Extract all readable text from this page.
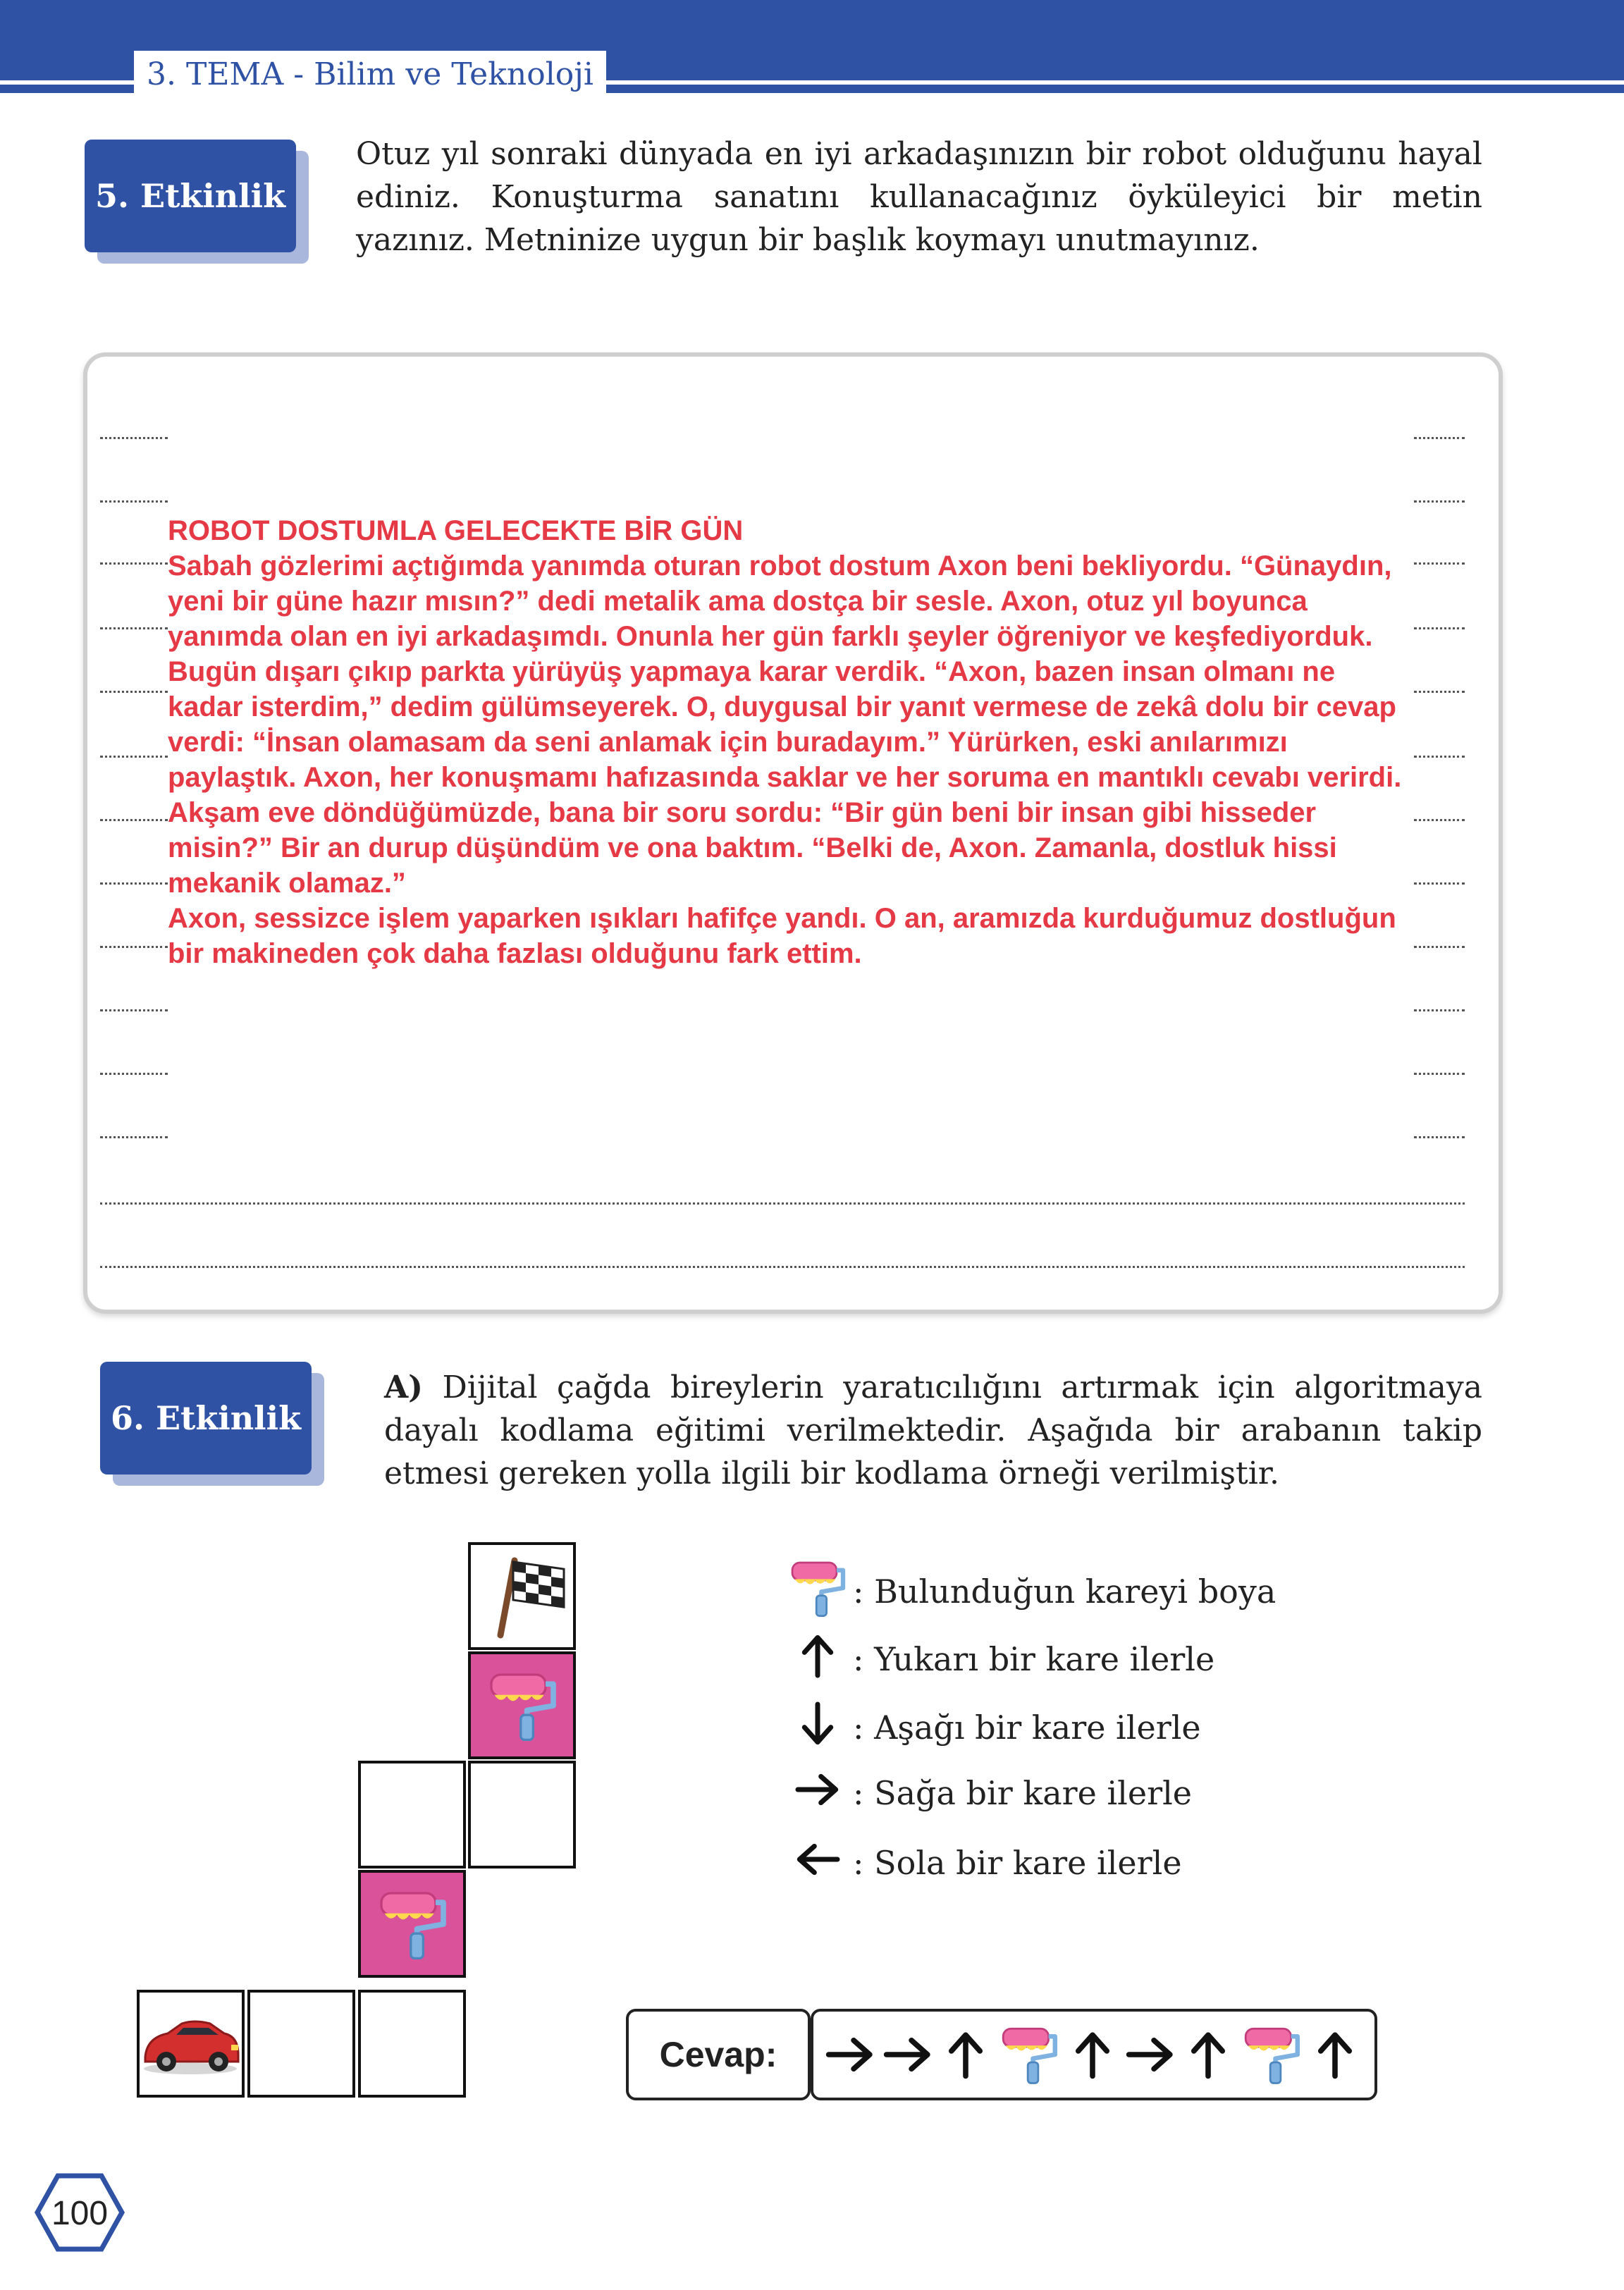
3. TEMA - Bilim ve Teknoloji
5. Etkinlik
Otuz yıl sonraki dünyada en iyi arkadaşınızın bir robot olduğunu hayal ediniz. Konuşturma sanatını kullanacağınız öyküleyici bir metin yazınız. Metninize uygun bir başlık koymayı unutmayınız.

ROBOT DOSTUMLA GELECEKTE BİR GÜN

Sabah gözlerimi açtığımda yanımda oturan robot dostum Axon beni bekliyordu. “Günaydın, yeni bir güne hazır mısın?” dedi metalik ama dostça bir sesle. Axon, otuz yıl boyunca yanımda olan en iyi arkadaşımdı. Onunla her gün farklı şeyler öğreniyor ve keşfediyorduk.

Bugün dışarı çıkıp parkta yürüyüş yapmaya karar verdik. “Axon, bazen insan olmanı ne kadar isterdim,” dedim gülümseyerek. O, duygusal bir yanıt vermese de zekâ dolu bir cevap verdi: “İnsan olamasam da seni anlamak için buradayım.” Yürürken, eski anılarımızı paylaştık. Axon, her konuşmamı hafızasında saklar ve her soruma en mantıklı cevabı verirdi.

Akşam eve döndüğümüzde, bana bir soru sordu: “Bir gün beni bir insan gibi hisseder misin?” Bir an durup düşündüm ve ona baktım. “Belki de, Axon. Zamanla, dostluk hissi mekanik olamaz.”

Axon, sessizce işlem yaparken ışıkları hafifçe yandı. O an, aramızda kurduğumuz dostluğun bir makineden çok daha fazlası olduğunu fark ettim.

6. Etkinlik
A) Dijital çağda bireylerin yaratıcılığını artırmak için algoritmaya dayalı kodlama eğitimi verilmektedir. Aşağıda bir arabanın takip etmesi gereken yolla ilgili bir kodlama örneği verilmiştir.
: Bulunduğun kareyi boya
: Yukarı bir kare ilerle
: Aşağı bir kare ilerle
: Sağa bir kare ilerle
: Sola bir kare ilerle
Cevap:
100
